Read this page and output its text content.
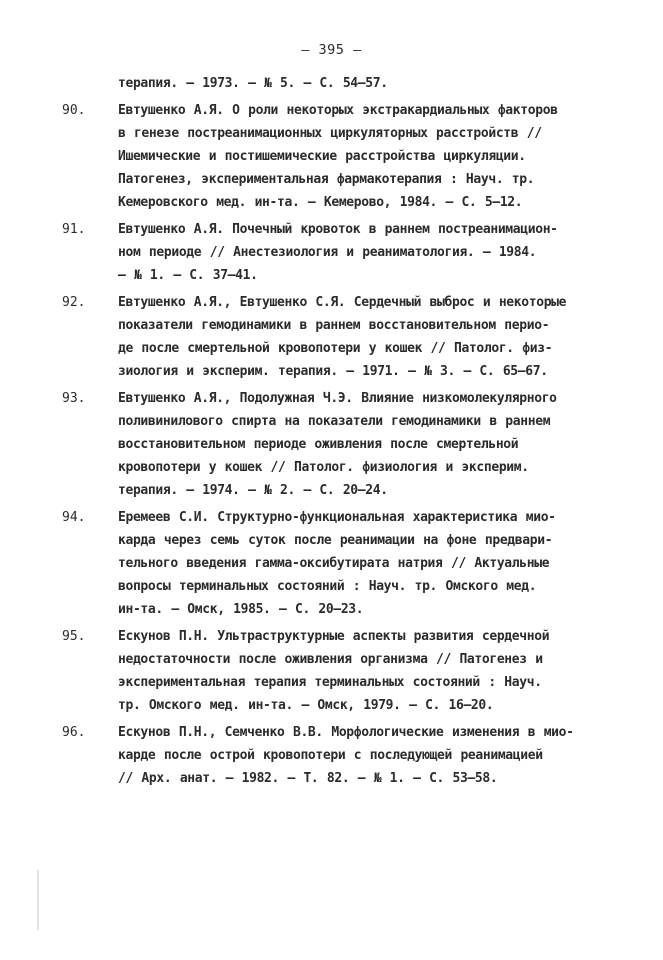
– 395 –
терапия. – 1973. – № 5. – С. 54–57.
90.	Евтушенко А.Я. О роли некоторых экстракардиальных факторов
в генезе постреанимационных циркуляторных расстройств //
Ишемические и постишемические расстройства циркуляции.
Патогенез, экспериментальная фармакотерапия : Науч. тр.
Кемеровского мед. ин-та. – Кемерово, 1984. – С. 5–12.
91.	Евтушенко А.Я. Почечный кровоток в раннем постреанимацион-
ном периоде // Анестезиология и реаниматология. – 1984.
– № 1. – С. 37–41.
92.	Евтушенко А.Я., Евтушенко С.Я. Сердечный выброс и некоторые
показатели гемодинамики в раннем восстановительном перио-
де после смертельной кровопотери у кошек // Патолог. физ-
зиология и эксперим. терапия. – 1971. – № 3. – С. 65–67.
93.	Евтушенко А.Я., Подолужная Ч.Э. Влияние низкомолекулярного
поливинилового спирта на показатели гемодинамики в раннем
восстановительном периоде оживления после смертельной
кровопотери у кошек // Патолог. физиология и эксперим.
терапия. – 1974. – № 2. – С. 20–24.
94.	Еремеев С.И. Структурно-функциональная характеристика мио-
карда через семь суток после реанимации на фоне предвари-
тельного введения гамма-оксибутирата натрия // Актуальные
вопросы терминальных состояний : Науч. тр. Омского мед.
ин-та. – Омск, 1985. – С. 20–23.
95.	Ескунов П.Н. Ультраструктурные аспекты развития сердечной
недостаточности после оживления организма // Патогенез и
экспериментальная терапия терминальных состояний : Науч.
тр. Омского мед. ин-та. – Омск, 1979. – С. 16–20.
96.	Ескунов П.Н., Семченко В.В. Морфологические изменения в мио-
карде после острой кровопотери с последующей реанимацией
// Арх. анат. – 1982. – Т. 82. – № 1. – С. 53–58.
